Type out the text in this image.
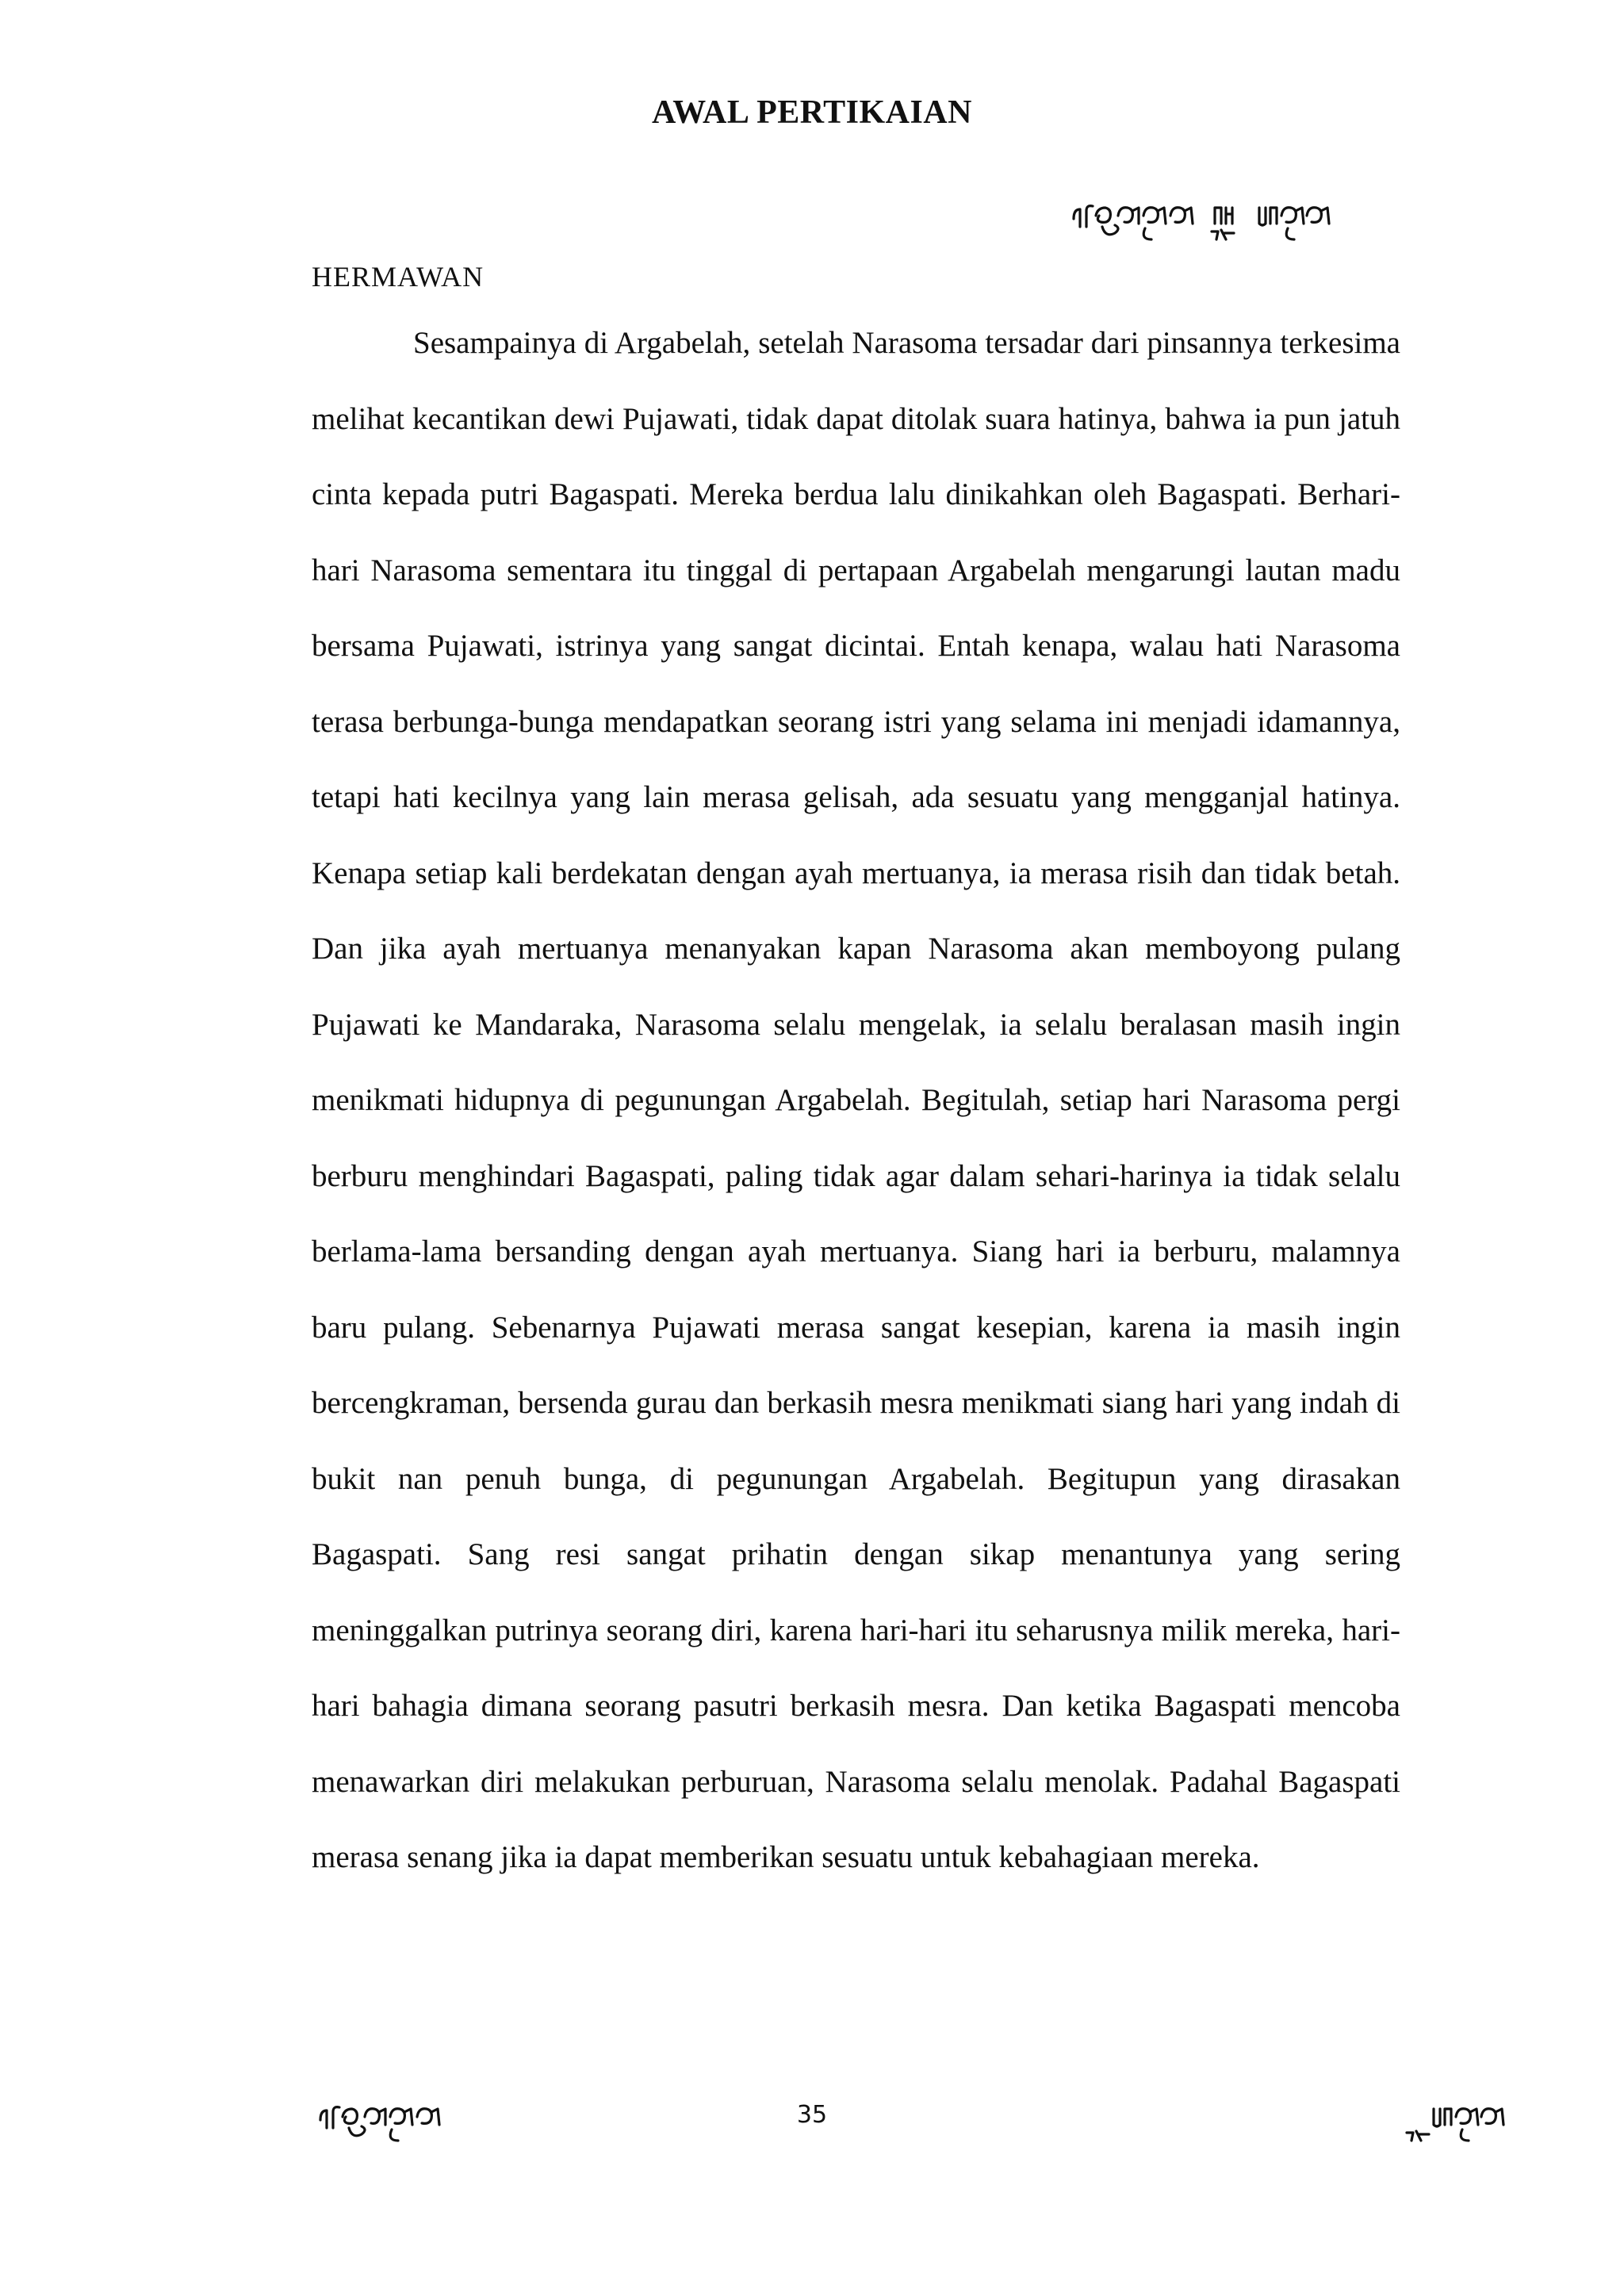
AWAL PERTIKAIAN
HERMAWAN

Sesampainya di Argabelah, setelah Narasoma tersadar dari pinsannya terkesima melihat kecantikan dewi Pujawati, tidak dapat ditolak suara hatinya, bahwa ia pun jatuh cinta kepada putri Bagaspati. Mereka berdua lalu dinikahkan oleh Bagaspati. Berhari-hari Narasoma sementara itu tinggal di pertapaan Argabelah mengarungi lautan madu bersama Pujawati, istrinya yang sangat dicintai. Entah kenapa, walau hati Narasoma terasa berbunga-bunga mendapatkan seorang istri yang selama ini menjadi idamannya, tetapi hati kecilnya yang lain merasa gelisah, ada sesuatu yang mengganjal hatinya. Kenapa setiap kali berdekatan dengan ayah mertuanya, ia merasa risih dan tidak betah. Dan jika ayah mertuanya menanyakan kapan Narasoma akan memboyong pulang Pujawati ke Mandaraka, Narasoma selalu mengelak, ia selalu beralasan masih ingin menikmati hidupnya di pegunungan Argabelah. Begitulah, setiap hari Narasoma pergi berburu menghindari Bagaspati, paling tidak agar dalam sehari-harinya ia tidak selalu berlama-lama bersanding dengan ayah mertuanya. Siang hari ia berburu, malamnya baru pulang. Sebenarnya Pujawati merasa sangat kesepian, karena ia masih ingin bercengkraman, bersenda gurau dan berkasih mesra menikmati siang hari yang indah di bukit nan penuh bunga, di pegunungan Argabelah. Begitupun yang dirasakan Bagaspati. Sang resi sangat prihatin dengan sikap menantunya yang sering meninggalkan putrinya seorang diri, karena hari-hari itu seharusnya milik mereka, hari-hari bahagia dimana seorang pasutri berkasih mesra. Dan ketika Bagaspati mencoba menawarkan diri melakukan perburuan, Narasoma selalu menolak. Padahal Bagaspati merasa senang jika ia dapat memberikan sesuatu untuk kebahagiaan mereka.

35
